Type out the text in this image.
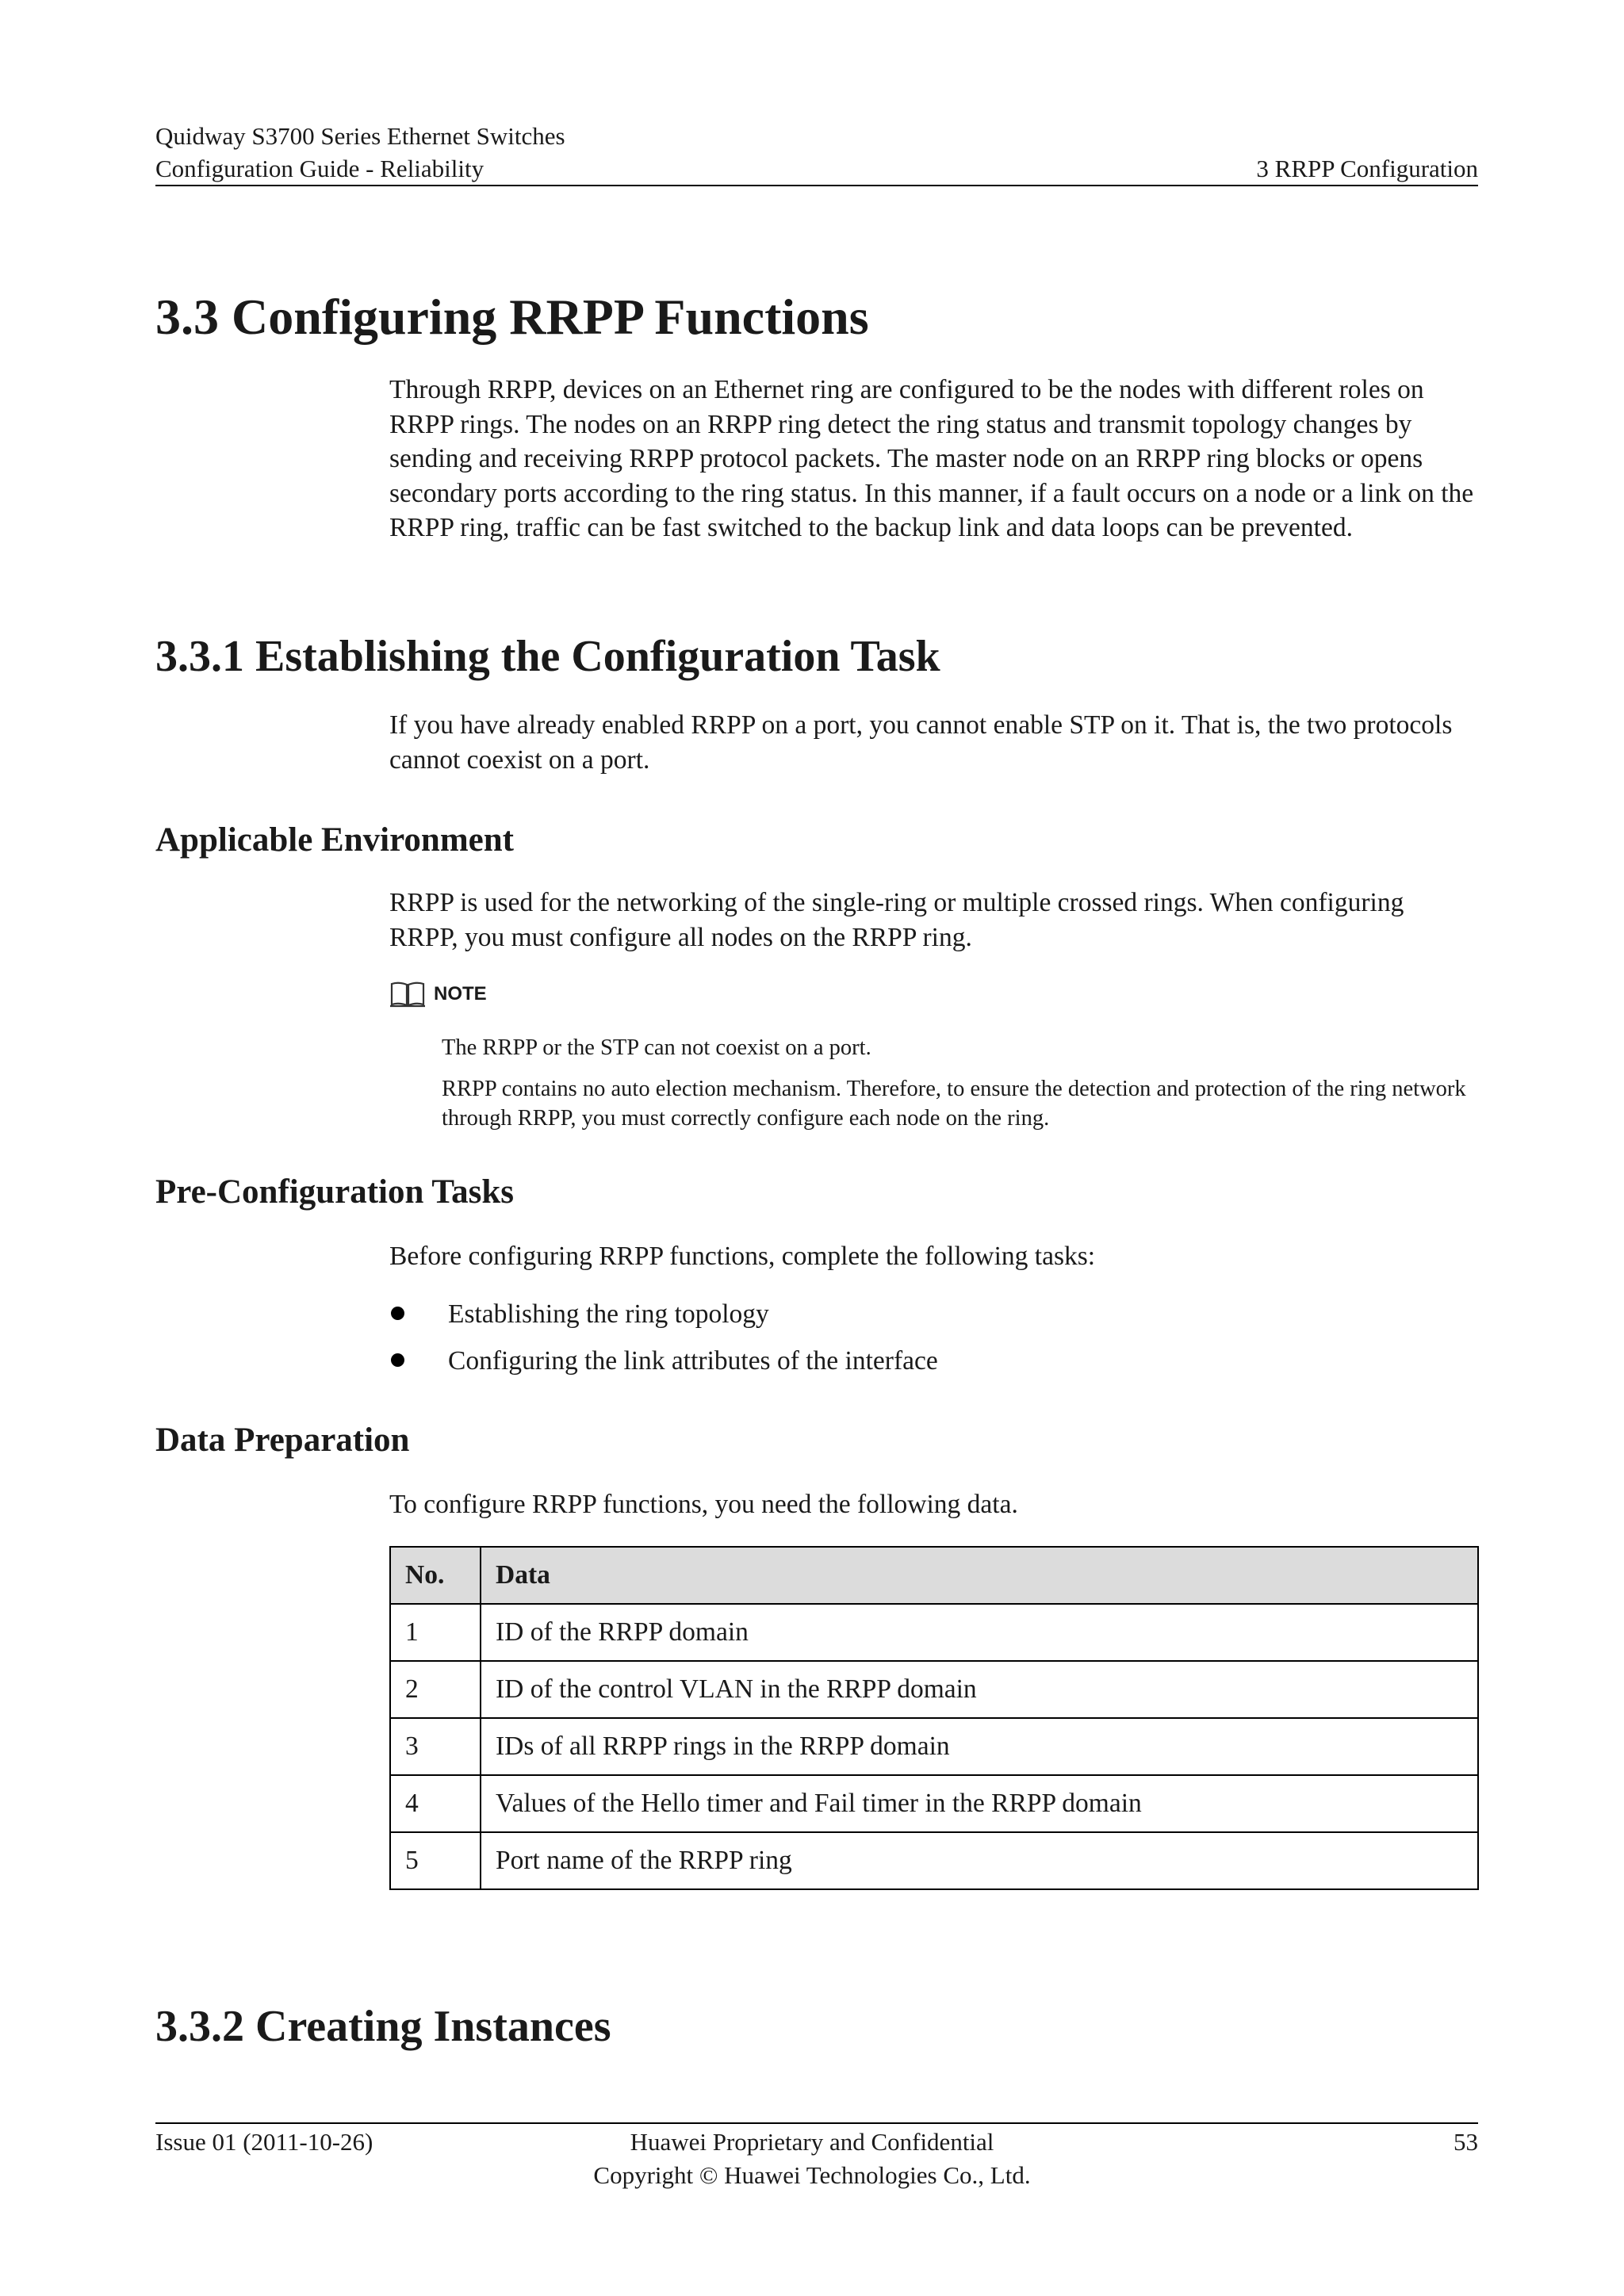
Quidway S3700 Series Ethernet Switches
Configuration Guide - Reliability	3 RRPP Configuration
3.3 Configuring RRPP Functions

Through RRPP, devices on an Ethernet ring are configured to be the nodes with different roles on RRPP rings. The nodes on an RRPP ring detect the ring status and transmit topology changes by sending and receiving RRPP protocol packets. The master node on an RRPP ring blocks or opens secondary ports according to the ring status. In this manner, if a fault occurs on a node or a link on the RRPP ring, traffic can be fast switched to the backup link and data loops can be prevented.

3.3.1 Establishing the Configuration Task

If you have already enabled RRPP on a port, you cannot enable STP on it. That is, the two protocols cannot coexist on a port.

Applicable Environment

RRPP is used for the networking of the single-ring or multiple crossed rings. When configuring RRPP, you must configure all nodes on the RRPP ring.

NOTE

The RRPP or the STP can not coexist on a port.

RRPP contains no auto election mechanism. Therefore, to ensure the detection and protection of the ring network through RRPP, you must correctly configure each node on the ring.

Pre-Configuration Tasks

Before configuring RRPP functions, complete the following tasks:

Establishing the ring topology
Configuring the link attributes of the interface
Data Preparation

To configure RRPP functions, you need the following data.

No.	Data
1	ID of the RRPP domain
2	ID of the control VLAN in the RRPP domain
3	IDs of all RRPP rings in the RRPP domain
4	Values of the Hello timer and Fail timer in the RRPP domain
5	Port name of the RRPP ring
3.3.2 Creating Instances
Issue 01 (2011-10-26)	Huawei Proprietary and Confidential
Copyright © Huawei Technologies Co., Ltd.
53
